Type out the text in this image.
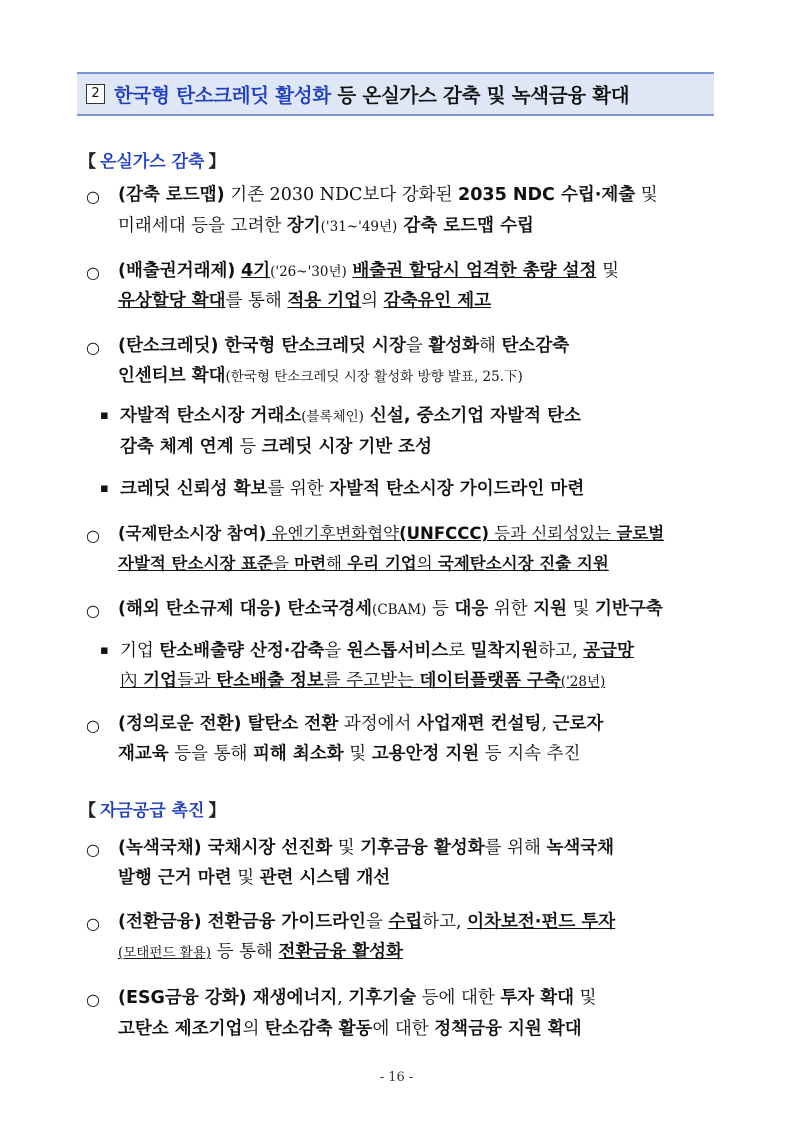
2 한국형 탄소크레딧 활성화 등 온실가스 감축 및 녹색금융 확대
【 온실가스 감축 】
○ (감축 로드맵) 기존 2030 NDC보다 강화된 2035 NDC 수립·제출 및
미래세대 등을 고려한 장기('31~'49년) 감축 로드맵 수립
○ (배출권거래제) 4기('26~'30년) 배출권 할당시 엄격한 총량 설정 및
유상할당 확대를 통해 적용 기업의 감축유인 제고
○ (탄소크레딧) 한국형 탄소크레딧 시장을 활성화해 탄소감축
인센티브 확대(한국형 탄소크레딧 시장 활성화 방향 발표, 25.下)
▪ 자발적 탄소시장 거래소(블록체인) 신설, 중소기업 자발적 탄소
감축 체계 연계 등 크레딧 시장 기반 조성
▪ 크레딧 신뢰성 확보를 위한 자발적 탄소시장 가이드라인 마련
○ (국제탄소시장 참여) 유엔기후변화협약(UNFCCC) 등과 신뢰성있는 글로벌
자발적 탄소시장 표준을 마련해 우리 기업의 국제탄소시장 진출 지원
○ (해외 탄소규제 대응) 탄소국경세(CBAM) 등 대응 위한 지원 및 기반구축
▪ 기업 탄소배출량 산정·감축을 원스톱서비스로 밀착지원하고, 공급망
內 기업들과 탄소배출 정보를 주고받는 데이터플랫폼 구축('28년)
○ (정의로운 전환) 탈탄소 전환 과정에서 사업재편 컨설팅, 근로자
재교육 등을 통해 피해 최소화 및 고용안정 지원 등 지속 추진
【 자금공급 촉진 】
○ (녹색국채) 국채시장 선진화 및 기후금융 활성화를 위해 녹색국채
발행 근거 마련 및 관련 시스템 개선
○ (전환금융) 전환금융 가이드라인을 수립하고, 이차보전·펀드 투자
(모태펀드 활용) 등 통해 전환금융 활성화
○ (ESG금융 강화) 재생에너지, 기후기술 등에 대한 투자 확대 및
고탄소 제조기업의 탄소감축 활동에 대한 정책금융 지원 확대
- 16 -
